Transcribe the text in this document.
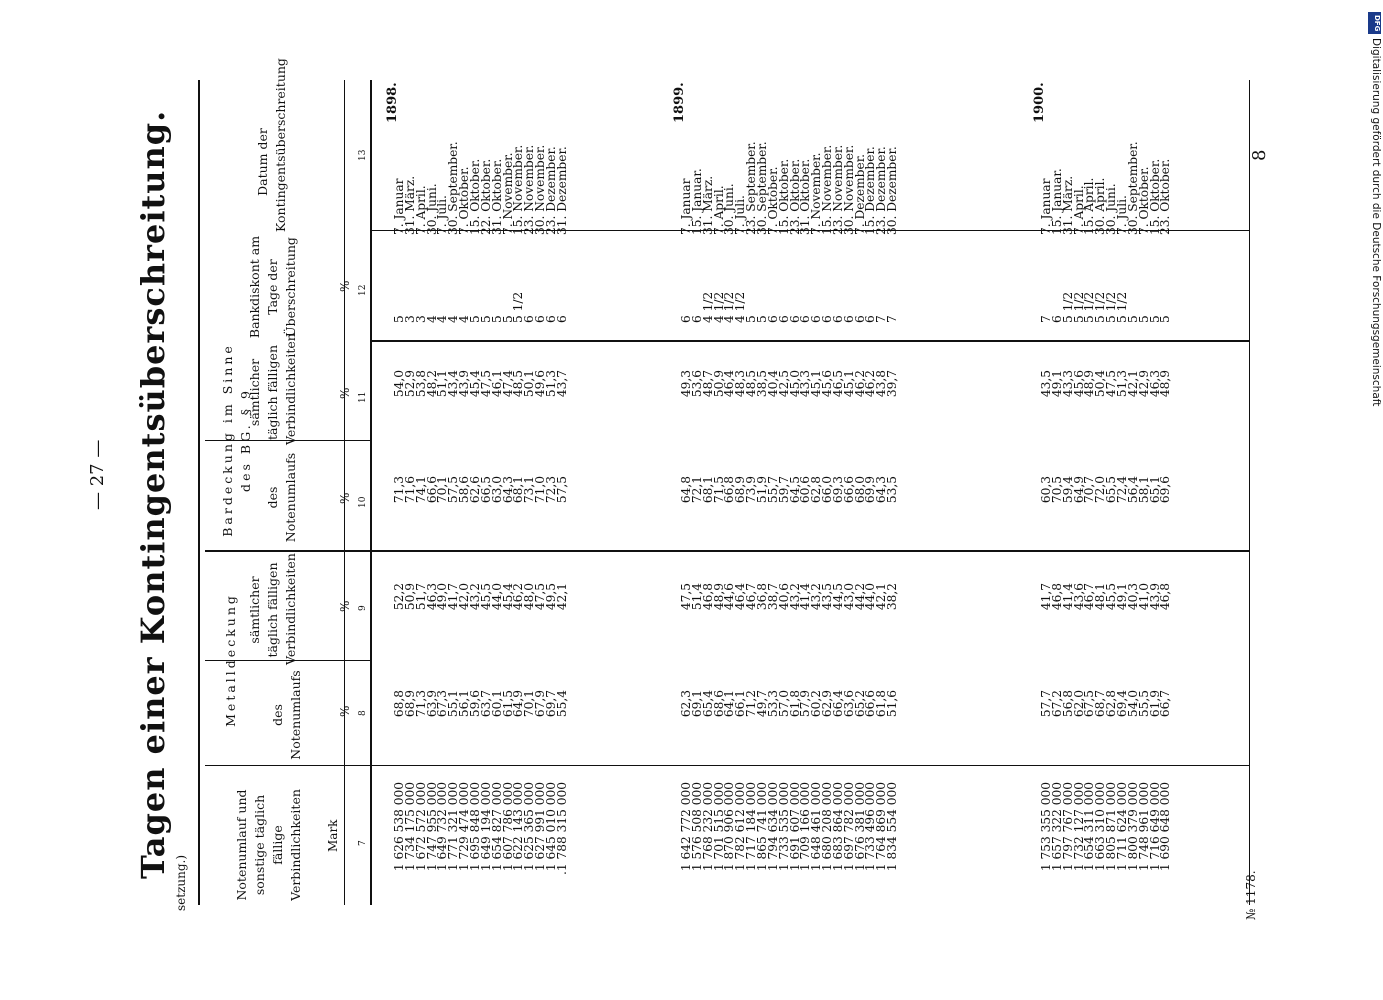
— 27 — Tagen einer Kontingentsüberschreitung.
setzung.)	Notenumlauf und sonstige täglich fällige Verbindlichkeiten Mark
Metalldeckung	des Notenumlaufs
sämtlicher täglich fälligen Verbindlichkeiten
Bardeckung im Sinne des BG. § 9
des Notenumlaufs
sämtlicher täglich fälligen Verbindlichkeiten
Bankdiskont am Tage der Überschreitung
Datum der Kontingentsüberschreitung
%
%
%
%
%
7
8
9
10
11
12
13
1898.
1 626 538 000
68,8
52,2
71,3
54,0
5
7. Januar
1 734 175 000
68,9
50,9
71,6
52,9
3
31. März.
1 672 572 000
71,3
51,7
74,1
53,8
3
7. April.
1 747 955 000
63,9
46,3
66,6
48,2
4
30. Juni.
1 649 732 000
67,3
49,0
70,1
51,1
4
7. Juli.
1 771 321 000
55,1
41,7
57,5
43,4
4
30. September.
1 729 474 000
56,1
42,0
58,6
43,9
4
7. Oktober.
1 695 848 000
59,6
43,2
62,6
45,4
5
15. Oktober.
1 649 194 000
63,7
45,5
66,5
47,5
5
22. Oktober.
1 654 827 000
60,1
44,0
63,0
46,1
5
31. Oktober.
1 607 786 000
61,5
45,4
64,3
47,4
5
7. November.
1 622 143 000
64,9
46,2
68,1
48,5
5 1/2
15. November.
1 625 365 000
70,1
48,0
73,1
50,1
6
23. November.
1 627 991 000
67,9
47,5
71,0
49,6
6
30. November.
1 645 010 000
69,7
49,5
72,3
51,3
6
23. Dezember.
.1 788 315 000
55,4
42,1
57,5
43,7
6
31. Dezember.
1899.
1 642 772 000
62,3
47,5
64,8
49,3
6
7. Januar
1 576 508 000
69,1
51,4
72,1
53,6
6
15. Januar.
1 768 232 000
65,4
46,8
68,1
48,7
4 1/2
31. März.
1 701 515 000
68,6
48,9
71,5
50,9
4 1/2
7. April.
1 870 906 000
64,1
44,6
66,8
46,4
4 1/2
30. Juni.
1 782 612 000
66,1
46,4
68,9
48,3
4 1/2
7. Juli.
1 717 184 000
71,2
46,7
73,9
48,5
5
23. September.
1 865 741 000
49,7
36,8
51,9
38,5
5
30. September.
1 794 634 000
53,3
38,7
55,7
40,4
6
7. Oktober.
1 733 535 000
57,0
40,6
59,7
42,5
6
15. Oktober.
1 691 607 000
61,8
43,2
64,5
45,0
6
23. Oktober.
1 709 166 000
57,9
41,4
60,6
43,3
6
31. Oktober.
1 648 461 000
60,2
43,2
62,8
45,1
6
7. November.
1 680 208 000
62,9
43,5
66,0
45,6
6
15. November.
1 683 864 000
66,4
44,5
69,3
46,5
6
23. November.
1 697 782 000
63,6
43,0
66,6
45,1
6
30. November.
1 676 381 000
65,2
44,2
68,0
46,2
6
7. Dezember.
1 733 496 000
66,6
44,0
69,9
46,2
6
15. Dezember.
1 764 869 000
61,8
42,1
64,3
43,8
7
23. Dezember.
1 834 554 000
51,6
38,2
53,5
39,7
7
30. Dezember.
1900.
1 753 355 000
57,7
41,7
60,3
43,5
7
7. Januar
1 657 322 000
67,2
46,8
70,5
49,1
6
15. Januar.
1 797 767 000
56,8
41,4
59,4
43,3
5 1/2
31. März.
1 732 127 000
62,0
43,6
64,9
45,6
5 1/2
7. April.
1 654 311 000
67,5
46,7
70,7
48,9
5 1/2
15. April.
1 663 310 000
68,7
48,1
72,0
50,4
5 1/2
30. April.
1 805 871 000
62,8
45,5
65,5
47,5
5 1/2
30. Juni.
1 711 624 000
69,4
49,1
72,4
51,3
5 1/2
7. Juli.
1 800 379 000
54,0
40,3
56,4
42,1
5
30. September.
1 748 961 000
55,5
41,0
58,1
42,9
5
7. Oktober.
1 716 649 000
61,9
43,9
65,1
46,3
5
15. Oktober.
1 690 648 000
66,7
46,8
69,6
48,9
5
23. Oktober.
№ 1178.
8
DFG
Digitalisierung gefördert durch die Deutsche Forschungsgemeinschaft
